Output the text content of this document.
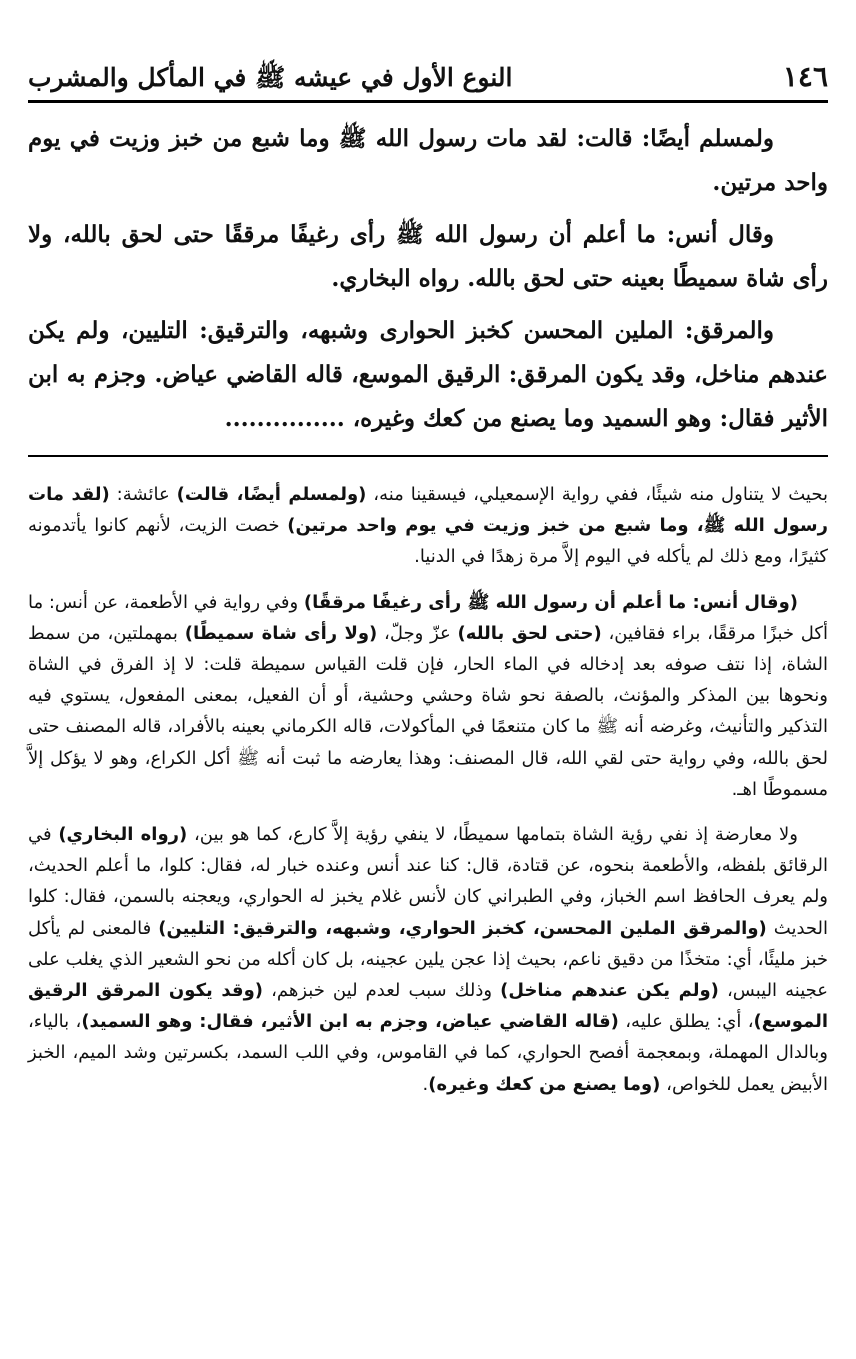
١٤٦
النوع الأول في عيشه ﷺ في المأكل والمشرب

ولمسلم أيضًا: قالت: لقد مات رسول الله ﷺ وما شبع من خبز وزيت في يوم واحد مرتين.

وقال أنس: ما أعلم أن رسول الله ﷺ رأى رغيفًا مرققًا حتى لحق بالله، ولا رأى شاة سميطًا بعينه حتى لحق بالله. رواه البخاري.

والمرقق: الملين المحسن كخبز الحوارى وشبهه، والترقيق: التليين، ولم يكن عندهم مناخل، وقد يكون المرقق: الرقيق الموسع، قاله القاضي عياض. وجزم به ابن الأثير فقال: وهو السميد وما يصنع من كعك وغيره، ...............

بحيث لا يتناول منه شيئًا، ففي رواية الإسمعيلي، فيسقينا منه، (ولمسلم أيضًا، قالت) عائشة: (لقد مات رسول الله ﷺ، وما شبع من خبز وزيت في يوم واحد مرتين) خصت الزيت، لأنهم كانوا يأتدمونه كثيرًا، ومع ذلك لم يأكله في اليوم إلاَّ مرة زهدًا في الدنيا.

(وقال أنس: ما أعلم أن رسول الله ﷺ رأى رغيفًا مرققًا) وفي رواية في الأطعمة، عن أنس: ما أكل خبزًا مرققًا، براء فقافين، (حتى لحق بالله) عزّ وجلّ، (ولا رأى شاة سميطًا) بمهملتين، من سمط الشاة، إذا نتف صوفه بعد إدخاله في الماء الحار، فإن قلت القياس سميطة قلت: لا إذ الفرق في الشاة ونحوها بين المذكر والمؤنث، بالصفة نحو شاة وحشي وحشية، أو أن الفعيل، بمعنى المفعول، يستوي فيه التذكير والتأنيث، وغرضه أنه ﷺ ما كان متنعمًا في المأكولات، قاله الكرماني بعينه بالأفراد، قاله المصنف حتى لحق بالله، وفي رواية حتى لقي الله، قال المصنف: وهذا يعارضه ما ثبت أنه ﷺ أكل الكراع، وهو لا يؤكل إلاَّ مسموطًا اهـ.

ولا معارضة إذ نفي رؤية الشاة بتمامها سميطًا، لا ينفي رؤية إلاَّ كارع، كما هو بين، (رواه البخاري) في الرقائق بلفظه، والأطعمة بنحوه، عن قتادة، قال: كنا عند أنس وعنده خبار له، فقال: كلوا، ما أعلم الحديث، ولم يعرف الحافظ اسم الخباز، وفي الطبراني كان لأنس غلام يخبز له الحواري، ويعجنه بالسمن، فقال: كلوا الحديث (والمرقق الملين المحسن، كخبز الحواري، وشبهه، والترقيق: التليين) فالمعنى لم يأكل خبز مليئًا، أي: متخذًا من دقيق ناعم، بحيث إذا عجن يلين عجينه، بل كان أكله من نحو الشعير الذي يغلب على عجينه اليبس، (ولم يكن عندهم مناخل) وذلك سبب لعدم لين خبزهم، (وقد يكون المرقق الرقيق الموسع)، أي: يطلق عليه، (قاله القاضي عياض، وجزم به ابن الأثير، فقال: وهو السميد)، بالياء، وبالدال المهملة، وبمعجمة أفصح الحواري، كما في القاموس، وفي اللب السمد، بكسرتين وشد الميم، الخبز الأبيض يعمل للخواص، (وما يصنع من كعك وغيره).
